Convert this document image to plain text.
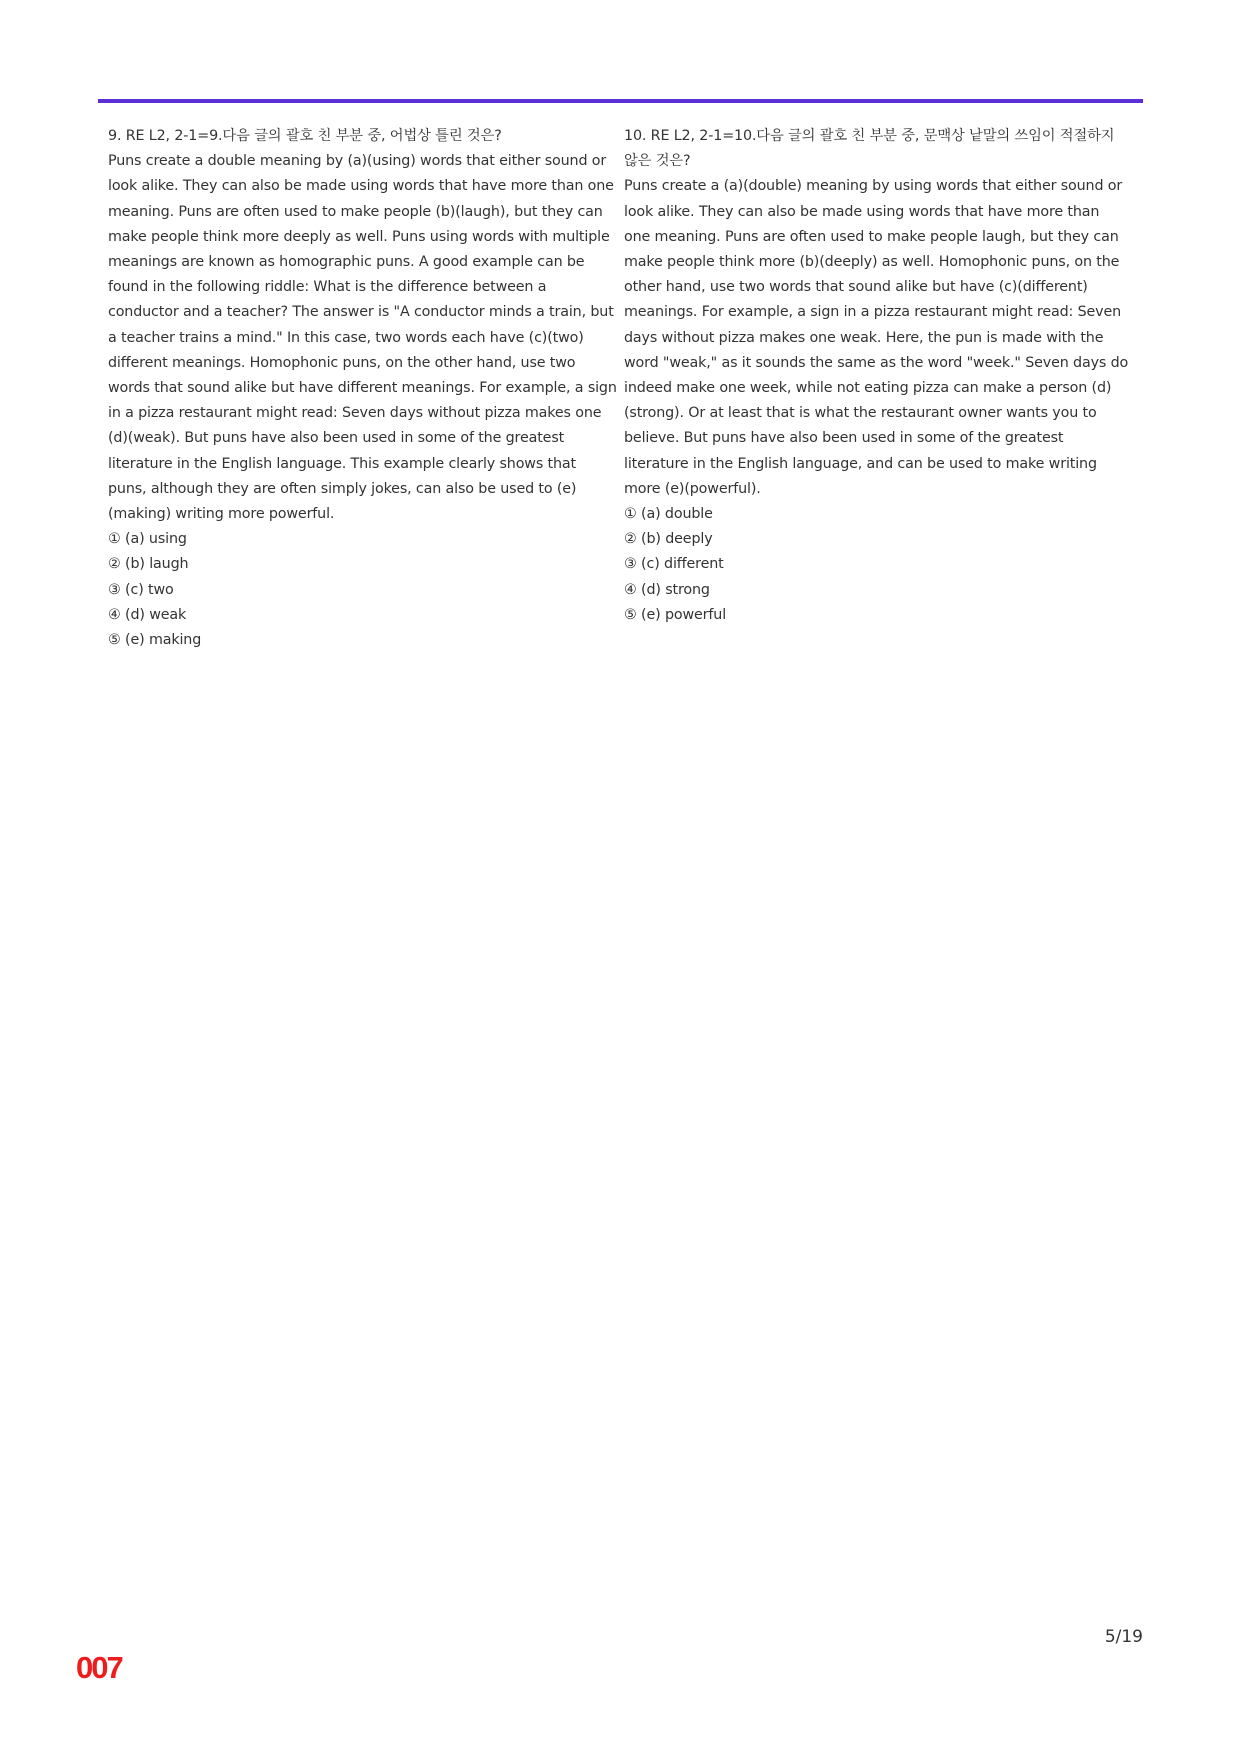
9. RE L2, 2-1=9.다음 글의 괄호 친 부분 중, 어법상 틀린 것은?

Puns create a double meaning by (a)(using) words that either sound or look alike. They can also be made using words that have more than one meaning. Puns are often used to make people (b)(laugh), but they can make people think more deeply as well. Puns using words with multiple meanings are known as homographic puns. A good example can be found in the following riddle: What is the difference between a conductor and a teacher? The answer is "A conductor minds a train, but a teacher trains a mind." In this case, two words each have (c)(two) different meanings. Homophonic puns, on the other hand, use two words that sound alike but have different meanings. For example, a sign in a pizza restaurant might read: Seven days without pizza makes one (d)(weak). But puns have also been used in some of the greatest literature in the English language. This example clearly shows that puns, although they are often simply jokes, can also be used to (e)(making) writing more powerful.

① (a) using
② (b) laugh
③ (c) two
④ (d) weak
⑤ (e) making

10. RE L2, 2-1=10.다음 글의 괄호 친 부분 중, 문맥상 낱말의 쓰임이 적절하지 않은 것은?

Puns create a (a)(double) meaning by using words that either sound or look alike. They can also be made using words that have more than one meaning. Puns are often used to make people laugh, but they can make people think more (b)(deeply) as well. Homophonic puns, on the other hand, use two words that sound alike but have (c)(different) meanings. For example, a sign in a pizza restaurant might read: Seven days without pizza makes one weak. Here, the pun is made with the word "weak," as it sounds the same as the word "week." Seven days do indeed make one week, while not eating pizza can make a person (d)(strong). Or at least that is what the restaurant owner wants you to believe. But puns have also been used in some of the greatest literature in the English language, and can be used to make writing more (e)(powerful).

① (a) double
② (b) deeply
③ (c) different
④ (d) strong
⑤ (e) powerful
5/19
007
